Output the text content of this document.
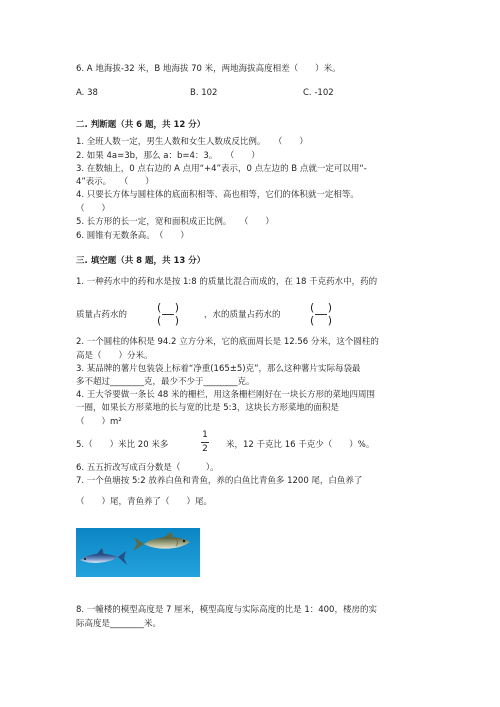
6. A 地海拔-32 米，B 地海拔 70 米，两地海拔高度相差（　　）米。
A. 38	B. 102	C. -102
二. 判断题（共 6 题，共 12 分）
1. 全班人数一定，男生人数和女生人数成反比例。　　（　　）
2. 如果 4a=3b，那么 a：b=4：3。　　（　　）
3. 在数轴上，0 点右边的 A 点用“+4”表示，0 点左边的 B 点就一定可以用“-
4”表示。　　（　　）
4. 只要长方体与圆柱体的底面积相等、高也相等，它们的体积就一定相等。
（　　）
5. 长方形的长一定，宽和面积成正比例。　　（　　）
6. 圆锥有无数条高。　（　　）
三. 填空题（共 8 题，共 13 分）
1. 一种药水中的药和水是按 1:8 的质量比混合而成的，在 18 千克药水中，药的
质量占药水的
( )
( )	，水的质量占药水的
( )
( )
2. 一个圆柱的体积是 94.2 立方分米，它的底面周长是 12.56 分米，这个圆柱的
高是（　　）分米。
3. 某品牌的薯片包装袋上标着“净重(165±5)克”，那么这种薯片实际每袋最
多不超过________克，最少不少于________克。
4. 王大爷要做一条长 48 米的栅栏，用这条栅栏刚好在一块长方形的菜地四周围
一圈，如果长方形菜地的长与宽的比是 5:3，这块长方形菜地的面积是
（　　）m²
5.（　　）米比 20 米多
1
2 米，12 千克比 16 千克少（　　）%。
6. 五五折改写成百分数是（　　　）。
7. 一个鱼塘按 5:2 放养白鱼和青鱼，养的白鱼比青鱼多 1200 尾，白鱼养了
（　　）尾，青鱼养了（　　）尾。
8. 一幢楼的模型高度是 7 厘米，模型高度与实际高度的比是 1：400，楼房的实
际高度是________米。
